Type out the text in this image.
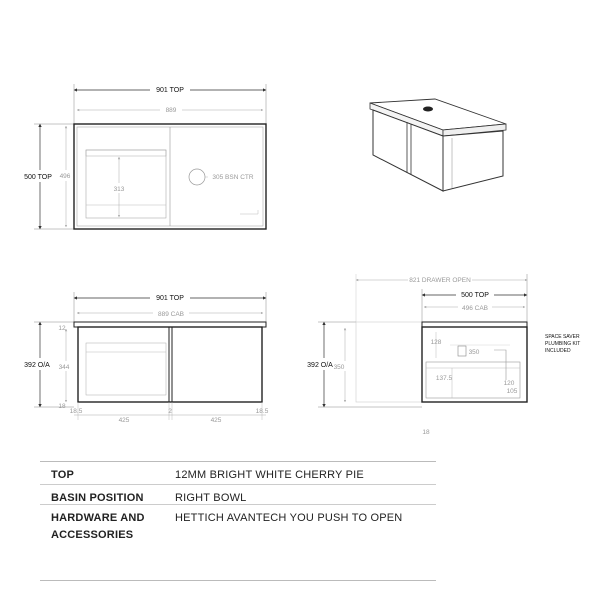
901 TOP
889
500 TOP 496
313
305 BSN CTR
901 TOP
889 CAB
392 O/A 344
12
18
18.5
425
2
425
18.5
821 DRAWER OPEN
500 TOP
496 CAB
392 O/A 350
128
350
137.5
120
105
18
SPACE SAVER
PLUMBING KIT
INCLUDED
TOP	12MM BRIGHT WHITE CHERRY PIE
BASIN POSITION	RIGHT BOWL
HARDWARE AND ACCESSORIES
HETTICH AVANTECH YOU PUSH TO OPEN
